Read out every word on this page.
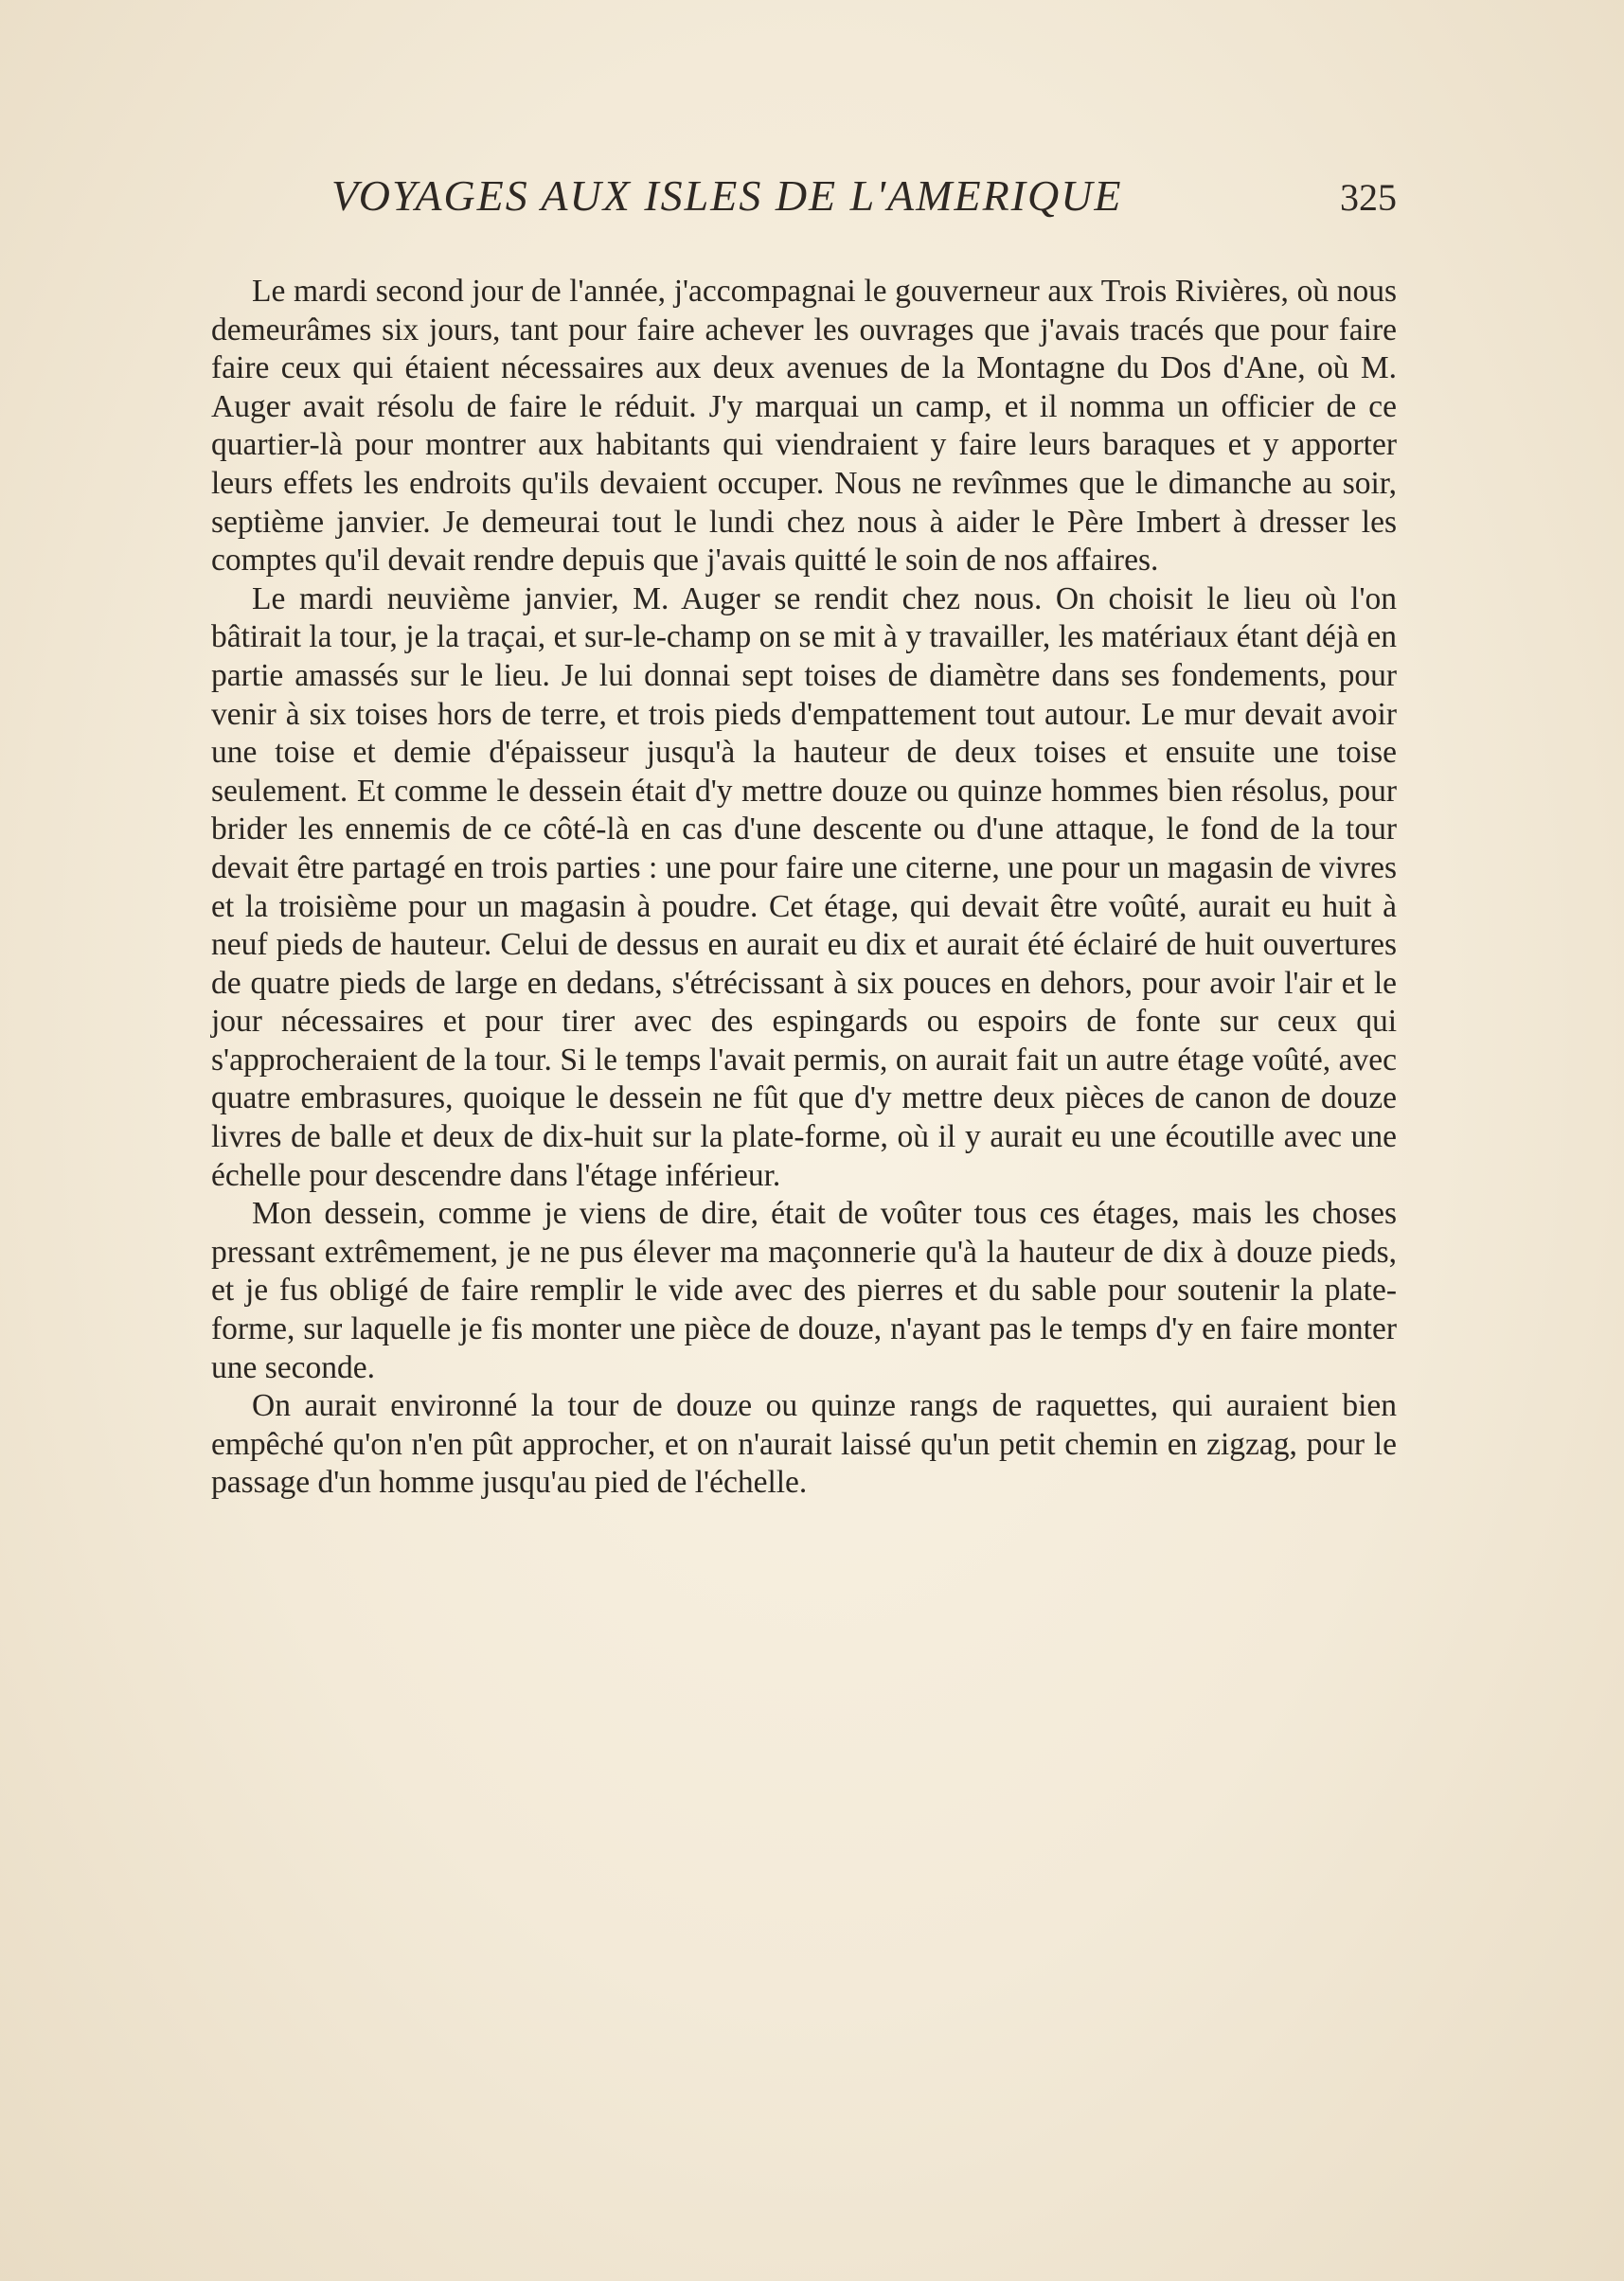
VOYAGES AUX ISLES DE L'AMERIQUE	325

Le mardi second jour de l'année, j'accompagnai le gouverneur aux Trois Rivières, où nous demeurâmes six jours, tant pour faire achever les ouvrages que j'avais tracés que pour faire faire ceux qui étaient nécessaires aux deux avenues de la Montagne du Dos d'Ane, où M. Auger avait résolu de faire le réduit. J'y marquai un camp, et il nomma un officier de ce quartier-là pour montrer aux habitants qui viendraient y faire leurs baraques et y apporter leurs effets les endroits qu'ils devaient occuper. Nous ne revînmes que le dimanche au soir, septième janvier. Je demeurai tout le lundi chez nous à aider le Père Imbert à dresser les comptes qu'il devait rendre depuis que j'avais quitté le soin de nos affaires.

Le mardi neuvième janvier, M. Auger se rendit chez nous. On choisit le lieu où l'on bâtirait la tour, je la traçai, et sur-le-champ on se mit à y travailler, les matériaux étant déjà en partie amassés sur le lieu. Je lui donnai sept toises de diamètre dans ses fondements, pour venir à six toises hors de terre, et trois pieds d'empattement tout autour. Le mur devait avoir une toise et demie d'épaisseur jusqu'à la hauteur de deux toises et ensuite une toise seulement. Et comme le dessein était d'y mettre douze ou quinze hommes bien résolus, pour brider les ennemis de ce côté-là en cas d'une descente ou d'une attaque, le fond de la tour devait être partagé en trois parties : une pour faire une citerne, une pour un magasin de vivres et la troisième pour un magasin à poudre. Cet étage, qui devait être voûté, aurait eu huit à neuf pieds de hauteur. Celui de dessus en aurait eu dix et aurait été éclairé de huit ouvertures de quatre pieds de large en dedans, s'étrécissant à six pouces en dehors, pour avoir l'air et le jour nécessaires et pour tirer avec des espingards ou espoirs de fonte sur ceux qui s'approcheraient de la tour. Si le temps l'avait permis, on aurait fait un autre étage voûté, avec quatre embrasures, quoique le dessein ne fût que d'y mettre deux pièces de canon de douze livres de balle et deux de dix-huit sur la plate-forme, où il y aurait eu une écoutille avec une échelle pour descendre dans l'étage inférieur.

Mon dessein, comme je viens de dire, était de voûter tous ces étages, mais les choses pressant extrêmement, je ne pus élever ma maçonnerie qu'à la hauteur de dix à douze pieds, et je fus obligé de faire remplir le vide avec des pierres et du sable pour soutenir la plate-forme, sur laquelle je fis monter une pièce de douze, n'ayant pas le temps d'y en faire monter une seconde.

On aurait environné la tour de douze ou quinze rangs de raquettes, qui auraient bien empêché qu'on n'en pût approcher, et on n'aurait laissé qu'un petit chemin en zigzag, pour le passage d'un homme jusqu'au pied de l'échelle.
